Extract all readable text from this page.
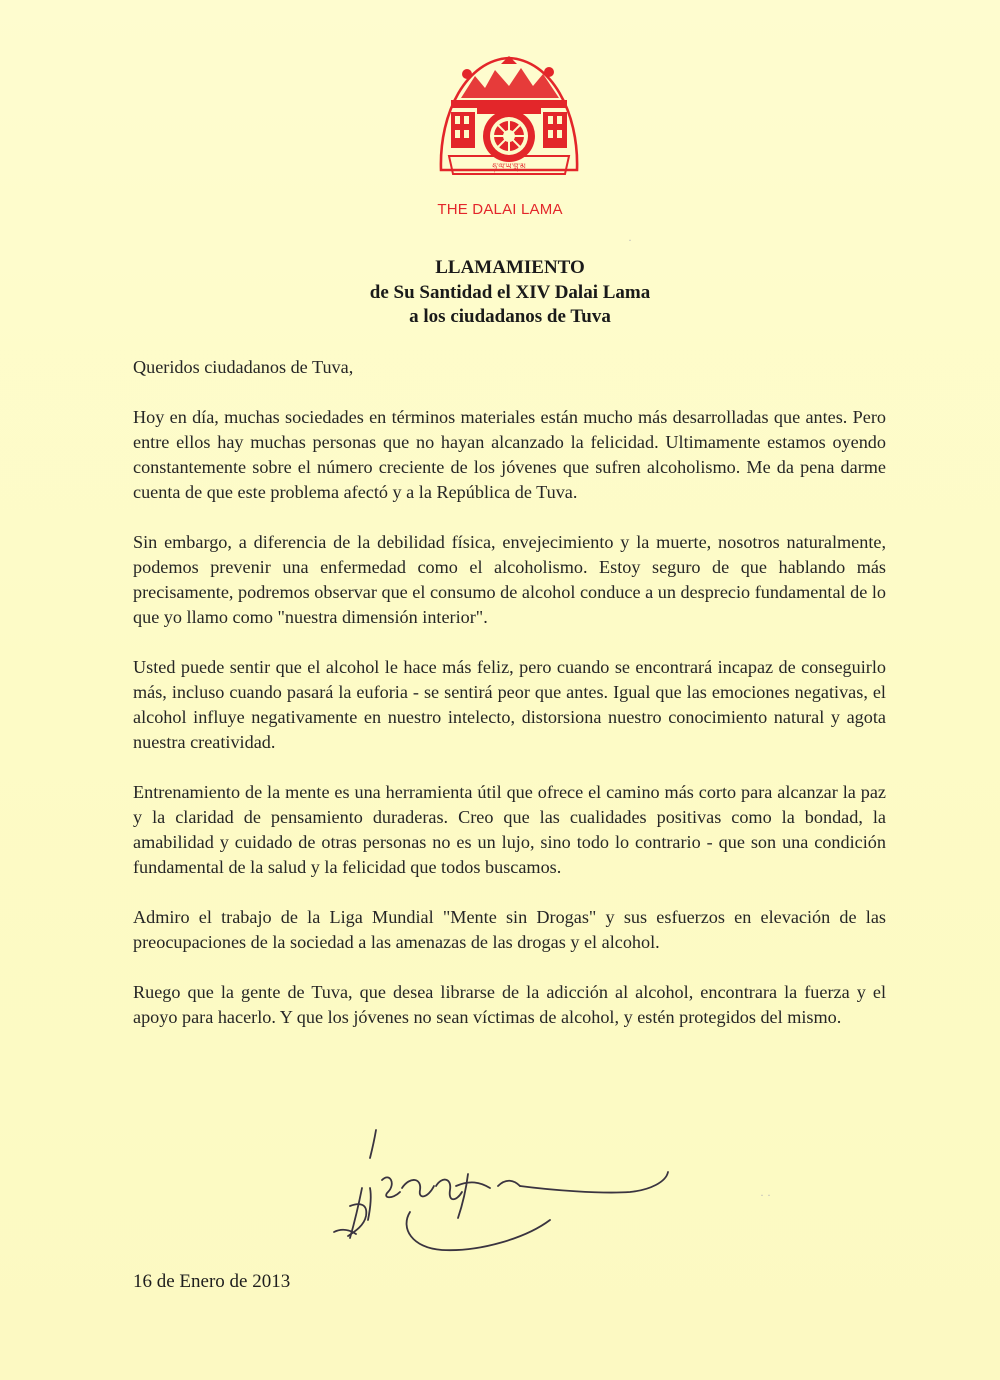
ཧ་ལ་ཡ་བླ་མ
THE DALAI LAMA
LLAMAMIENTO
de Su Santidad el XIV Dalai Lama
a los ciudadanos de Tuva

Queridos ciudadanos de Tuva,

Hoy en día, muchas sociedades en términos materiales están mucho más desarrolladas que antes. Pero entre ellos hay muchas personas que no hayan alcanzado la felicidad. Ultimamente estamos oyendo constantemente sobre el número creciente de los jóvenes que sufren alcoholismo. Me da pena darme cuenta de que este problema afectó y a la República de Tuva.

Sin embargo, a diferencia de la debilidad física, envejecimiento y la muerte, nosotros naturalmente, podemos prevenir una enfermedad como el alcoholismo. Estoy seguro de que hablando más precisamente, podremos observar que el consumo de alcohol conduce a un desprecio fundamental de lo que yo llamo como "nuestra dimensión interior".

Usted puede sentir que el alcohol le hace más feliz, pero cuando se encontrará incapaz de conseguirlo más, incluso cuando pasará la euforia - se sentirá peor que antes. Igual que las emociones negativas, el alcohol influye negativamente en nuestro intelecto, distorsiona nuestro conocimiento natural y agota nuestra creatividad.

Entrenamiento de la mente es una herramienta útil que ofrece el camino más corto para alcanzar la paz y la claridad de pensamiento duraderas. Creo que las cualidades positivas como la bondad, la amabilidad y cuidado de otras personas no es un lujo, sino todo lo contrario - que son una condición fundamental de la salud y la felicidad que todos buscamos.

Admiro el trabajo de la Liga Mundial "Mente sin Drogas" y sus esfuerzos en elevación de las preocupaciones de la sociedad a las amenazas de las drogas y el alcohol.

Ruego que la gente de Tuva, que desea librarse de la adicción al alcohol, encontrara la fuerza y el apoyo para hacerlo. Y que los jóvenes no sean víctimas de alcohol, y estén protegidos del mismo.

16 de Enero de 2013
·
· ·
